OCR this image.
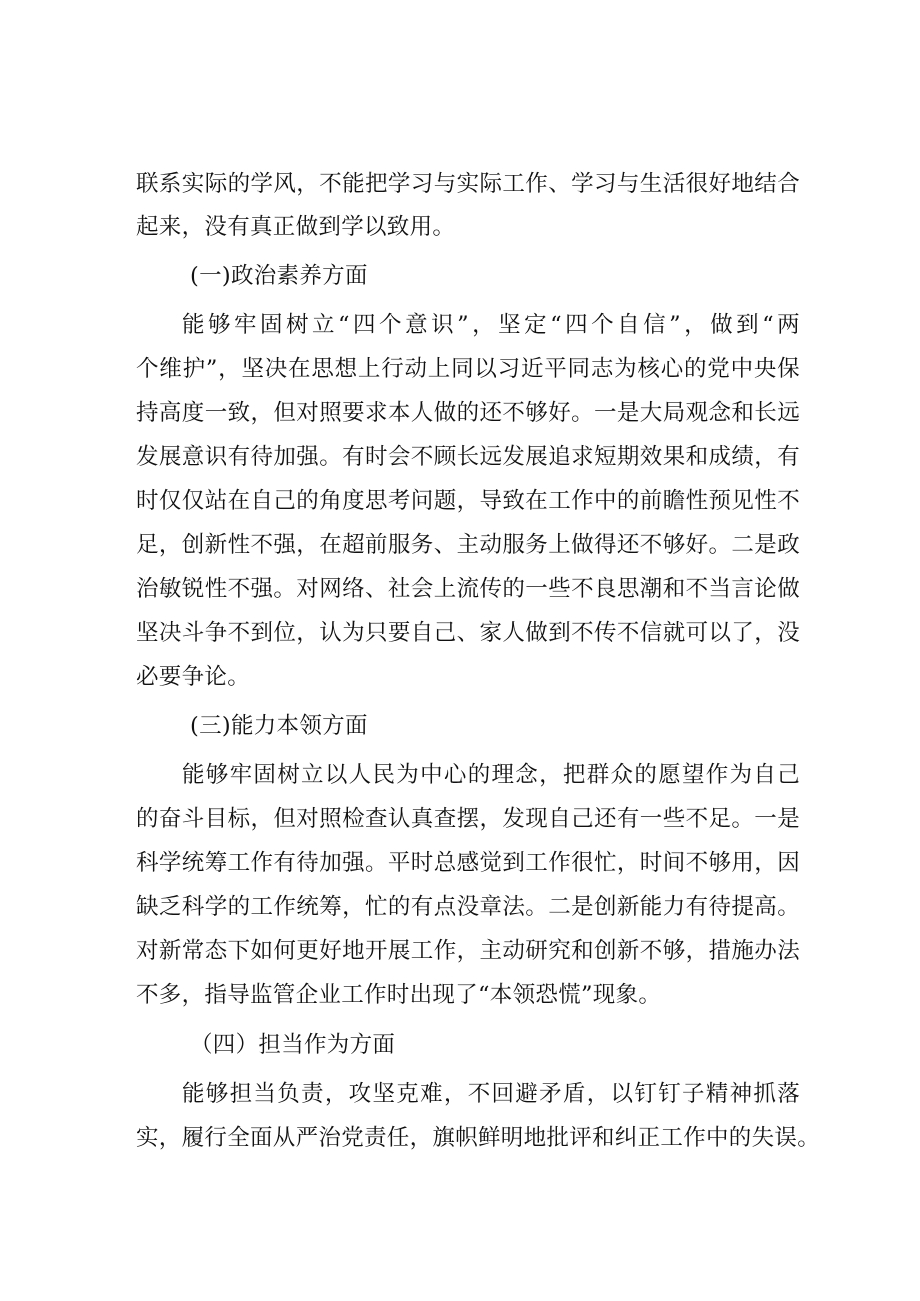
联系实际的学风，不能把学习与实际工作、学习与生活很好地结合
起来，没有真正做到学以致用。
(一)政治素养方面
能够牢固树立“四个意识”，坚定“四个自信”，做到“两
个维护”，坚决在思想上行动上同以习近平同志为核心的党中央保
持高度一致，但对照要求本人做的还不够好。一是大局观念和长远
发展意识有待加强。有时会不顾长远发展追求短期效果和成绩，有
时仅仅站在自己的角度思考问题，导致在工作中的前瞻性预见性不
足，创新性不强，在超前服务、主动服务上做得还不够好。二是政
治敏锐性不强。对网络、社会上流传的一些不良思潮和不当言论做
坚决斗争不到位，认为只要自己、家人做到不传不信就可以了，没
必要争论。
(三)能力本领方面
能够牢固树立以人民为中心的理念，把群众的愿望作为自己
的奋斗目标，但对照检查认真查摆，发现自己还有一些不足。一是
科学统筹工作有待加强。平时总感觉到工作很忙，时间不够用，因
缺乏科学的工作统筹，忙的有点没章法。二是创新能力有待提高。
对新常态下如何更好地开展工作，主动研究和创新不够，措施办法
不多，指导监管企业工作时出现了“本领恐慌”现象。
（四）担当作为方面
能够担当负责，攻坚克难，不回避矛盾，以钉钉子精神抓落
实，履行全面从严治党责任，旗帜鲜明地批评和纠正工作中的失误。
